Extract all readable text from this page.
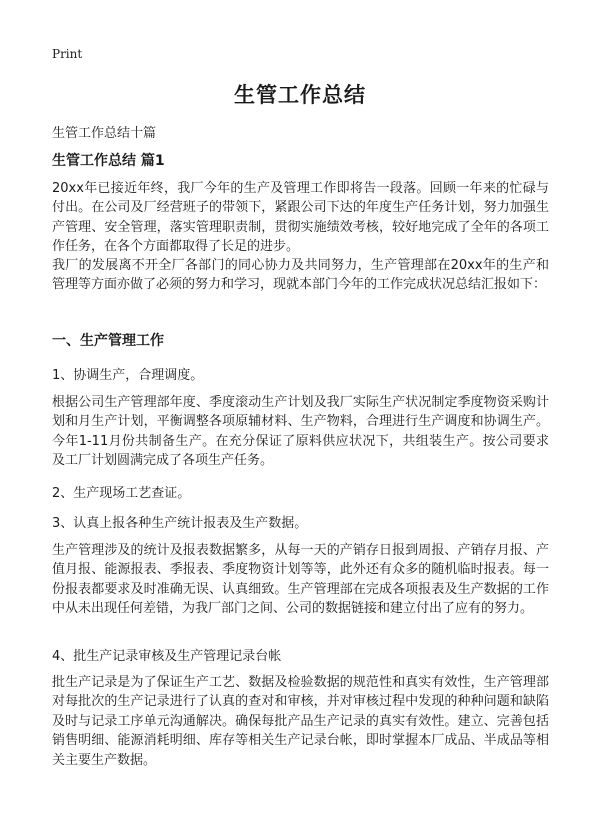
Print
生管工作总结
生管工作总结十篇
生管工作总结 篇1

20xx年已接近年终，我厂今年的生产及管理工作即将告一段落。回顾一年来的忙碌与付出。在公司及厂经营班子的带领下，紧跟公司下达的年度生产任务计划，努力加强生产管理、安全管理，落实管理职责制，贯彻实施绩效考核，较好地完成了全年的各项工作任务，在各个方面都取得了长足的进步。

我厂的发展离不开全厂各部门的同心协力及共同努力，生产管理部在20xx年的生产和管理等方面亦做了必须的努力和学习，现就本部门今年的工作完成状况总结汇报如下：

一、生产管理工作
1、协调生产，合理调度。

根据公司生产管理部年度、季度滚动生产计划及我厂实际生产状况制定季度物资采购计划和月生产计划，平衡调整各项原辅材料、生产物料，合理进行生产调度和协调生产。今年1-11月份共制备生产。在充分保证了原料供应状况下，共组装生产。按公司要求及工厂计划圆满完成了各项生产任务。

2、生产现场工艺查证。
3、认真上报各种生产统计报表及生产数据。

生产管理涉及的统计及报表数据繁多，从每一天的产销存日报到周报、产销存月报、产值月报、能源报表、季报表、季度物资计划等等，此外还有众多的随机临时报表。每一份报表都要求及时准确无误、认真细致。生产管理部在完成各项报表及生产数据的工作中从未出现任何差错，为我厂部门之间、公司的数据链接和建立付出了应有的努力。

4、批生产记录审核及生产管理记录台帐

批生产记录是为了保证生产工艺、数据及检验数据的规范性和真实有效性，生产管理部对每批次的生产记录进行了认真的查对和审核，并对审核过程中发现的种种问题和缺陷及时与记录工序单元沟通解决。确保每批产品生产记录的真实有效性。建立、完善包括销售明细、能源消耗明细、库存等相关生产记录台帐，即时掌握本厂成品、半成品等相关主要生产数据。
